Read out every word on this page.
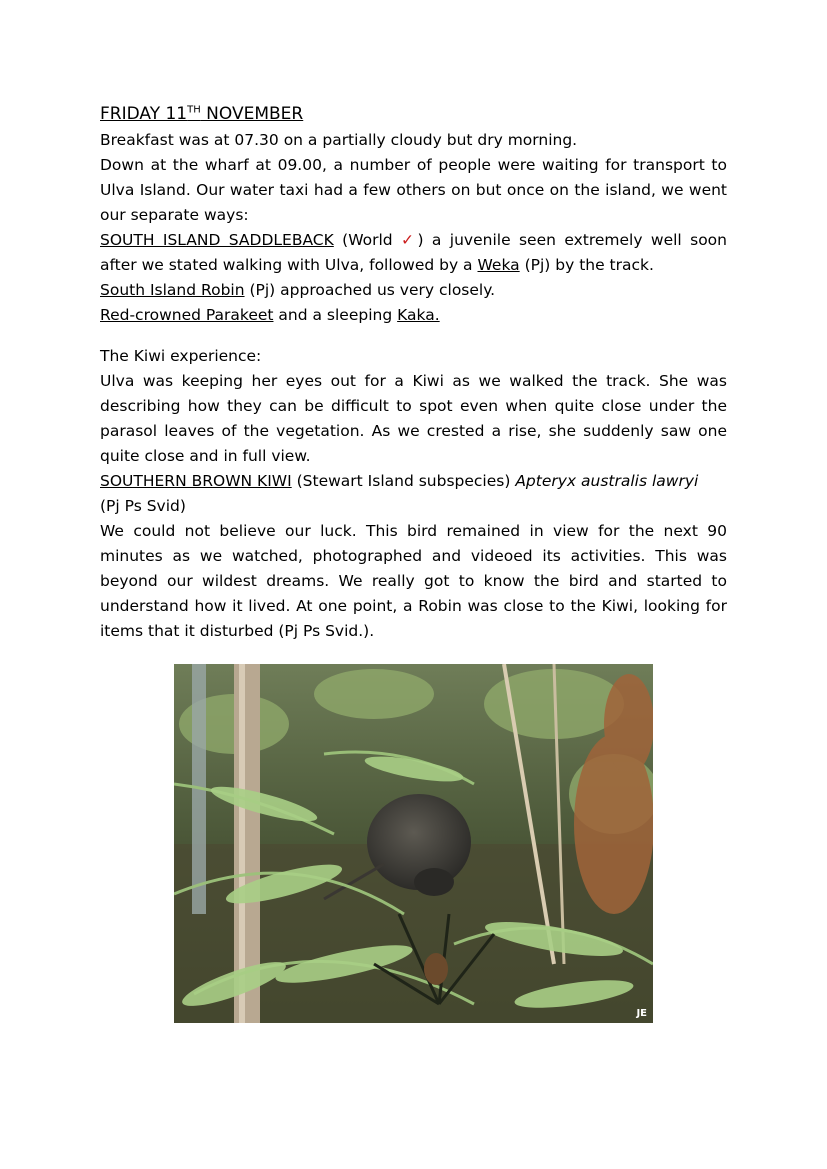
FRIDAY 11TH NOVEMBER

Breakfast was at 07.30 on a partially cloudy but dry morning.

Down at the wharf at 09.00, a number of people were waiting for transport to Ulva Island. Our water taxi had a few others on but once on the island, we went our separate ways:

SOUTH ISLAND SADDLEBACK (World ✓) a juvenile seen extremely well soon after we stated walking with Ulva, followed by a Weka (Pj) by the track.

South Island Robin (Pj) approached us very closely.

Red-crowned Parakeet and a sleeping Kaka.

The Kiwi experience:

Ulva was keeping her eyes out for a Kiwi as we walked the track. She was describing how they can be difficult to spot even when quite close under the parasol leaves of the vegetation. As we crested a rise, she suddenly saw one quite close and in full view.

SOUTHERN BROWN KIWI (Stewart Island subspecies) Apteryx australis lawryi
(Pj Ps Svid)

We could not believe our luck. This bird remained in view for the next 90 minutes as we watched, photographed and videoed its activities. This was beyond our wildest dreams. We really got to know the bird and started to understand how it lived. At one point, a Robin was close to the Kiwi, looking for items that it disturbed (Pj Ps Svid.).

JE
